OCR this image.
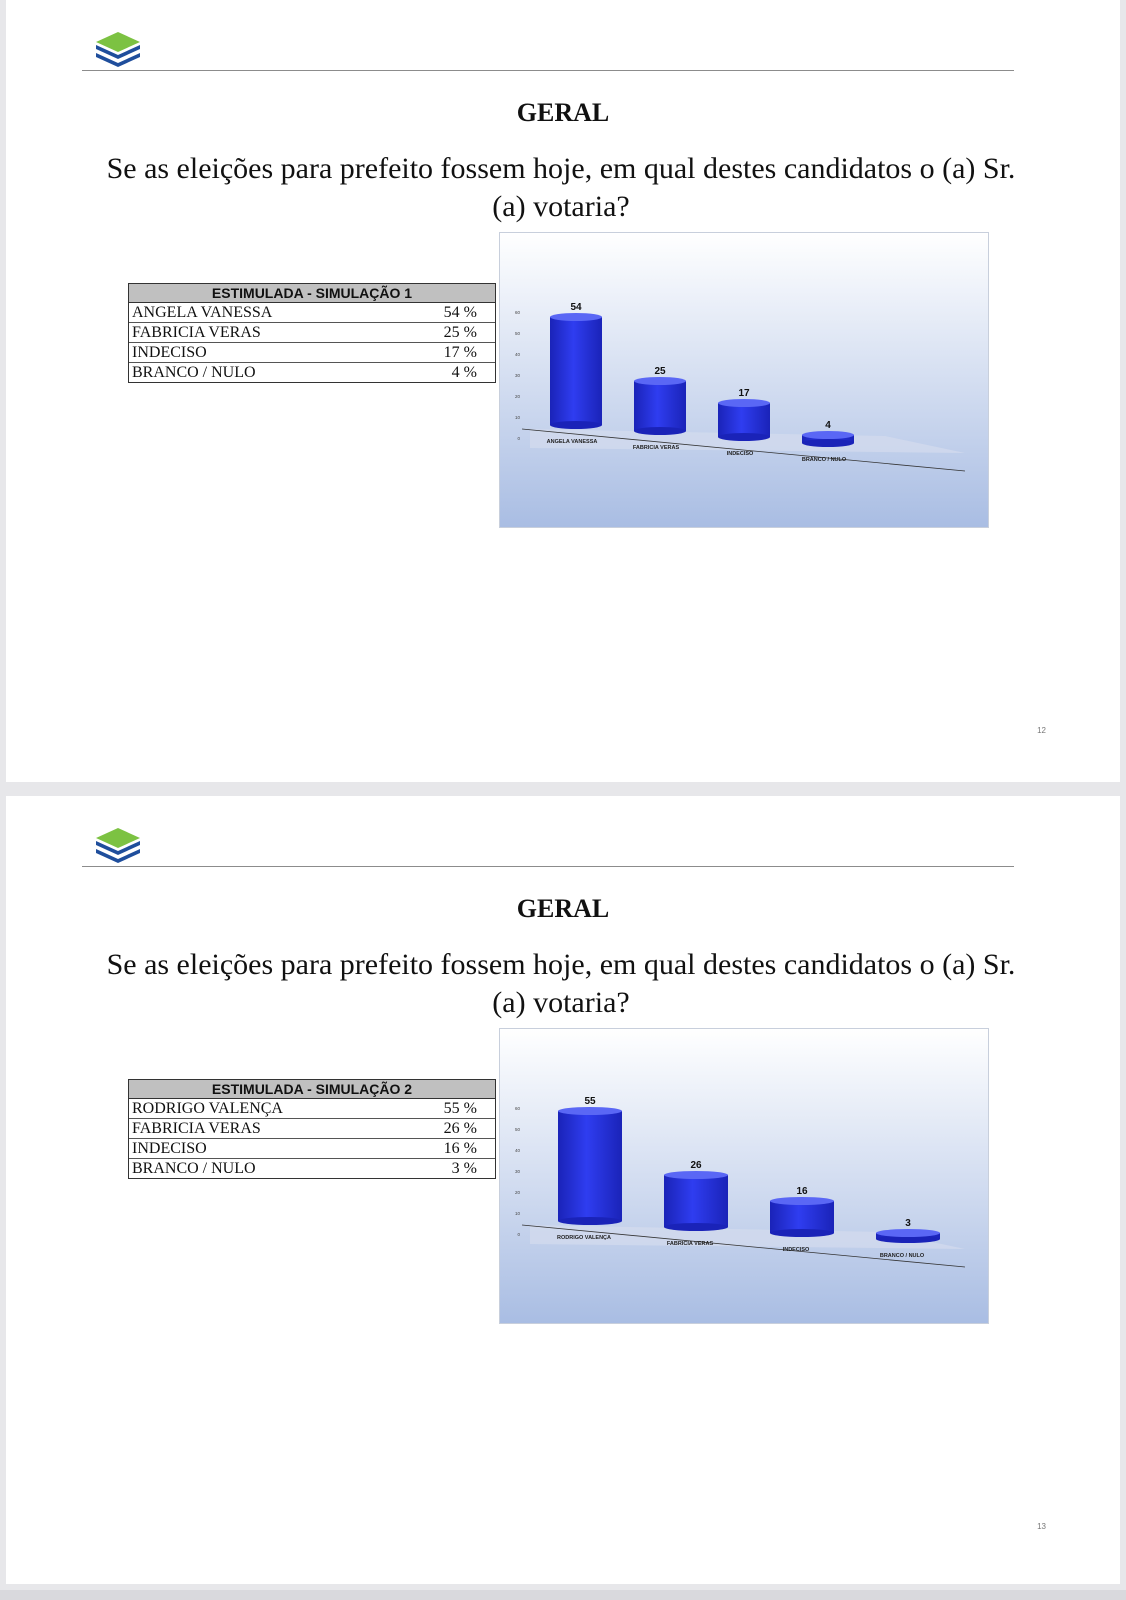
GERAL
Se as eleições para prefeito fossem hoje, em qual destes candidatos o (a) Sr. (a) votaria?
ESTIMULADA - SIMULAÇÃO 1
ANGELA VANESSA	54 %
FABRICIA VERAS	25 %
INDECISO	17 %
BRANCO / NULO	4 %
0
10
20
30
40
50
60	54
ANGELA VANESSA
25
FABRICIA VERAS
17
INDECISO
4
BRANCO / NULO
12
GERAL
Se as eleições para prefeito fossem hoje, em qual destes candidatos o (a) Sr. (a) votaria?
ESTIMULADA - SIMULAÇÃO 2
RODRIGO VALENÇA	55 %
FABRICIA VERAS	26 %
INDECISO	16 %
BRANCO / NULO	3 %
0
10
20
30
40
50
60
55
RODRIGO VALENÇA
26
FABRICIA VERAS
16
INDECISO
3
BRANCO / NULO
13
